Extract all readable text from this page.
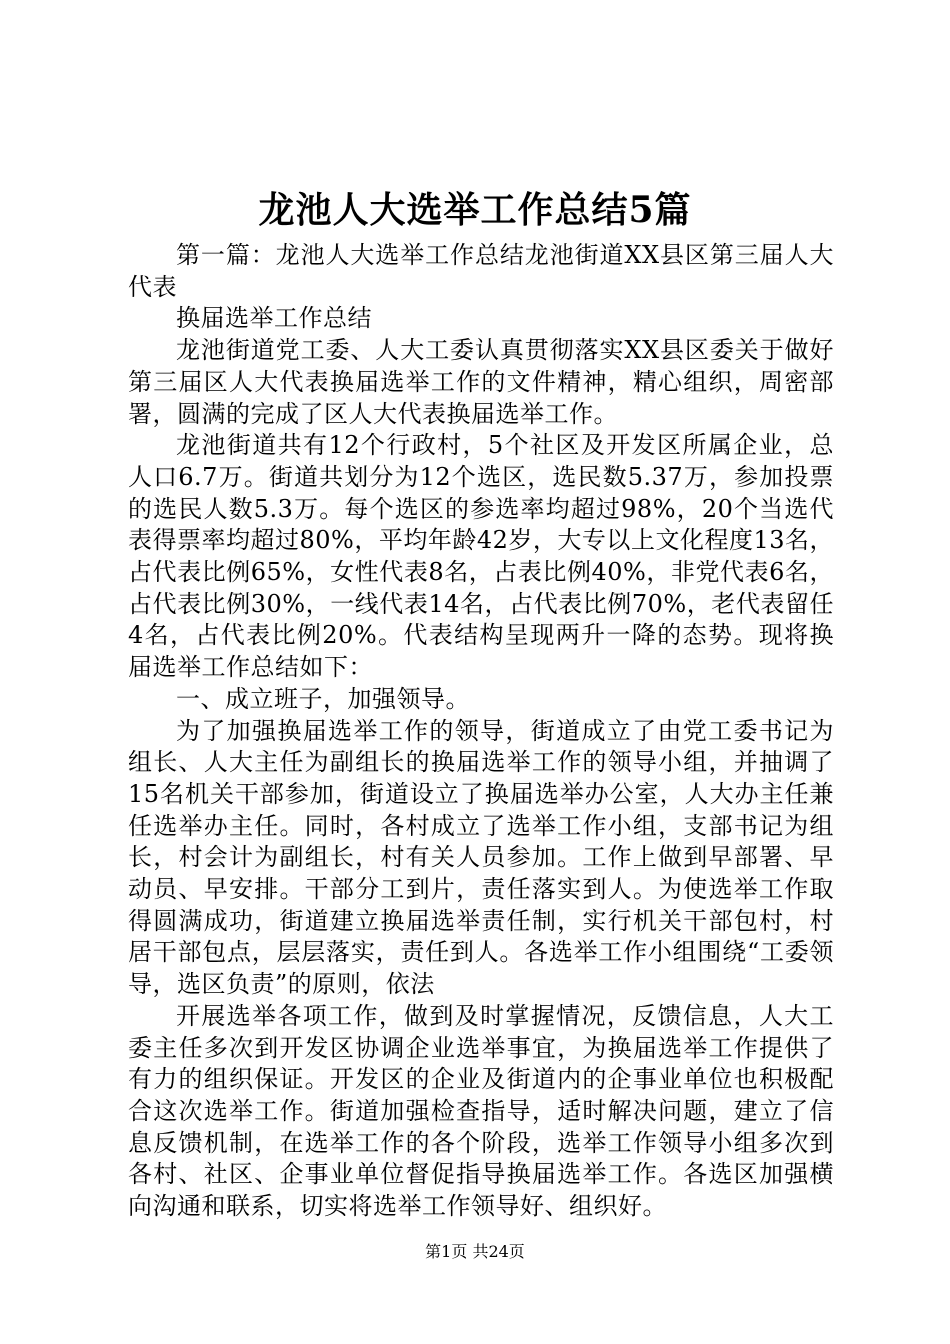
龙池人大选举工作总结5篇

第一篇：龙池人大选举工作总结龙池街道XX县区第三届人大代表

换届选举工作总结

龙池街道党工委、人大工委认真贯彻落实XX县区委关于做好第三届区人大代表换届选举工作的文件精神，精心组织，周密部署，圆满的完成了区人大代表换届选举工作。

龙池街道共有12个行政村，5个社区及开发区所属企业，总人口6.7万。街道共划分为12个选区，选民数5.37万，参加投票的选民人数5.3万。每个选区的参选率均超过98%，20个当选代表得票率均超过80%，平均年龄42岁，大专以上文化程度13名，占代表比例65%，女性代表8名，占表比例40%，非党代表6名，占代表比例30%，一线代表14名，占代表比例70%，老代表留任4名，占代表比例20%。代表结构呈现两升一降的态势。现将换届选举工作总结如下：

一、成立班子，加强领导。

为了加强换届选举工作的领导，街道成立了由党工委书记为组长、人大主任为副组长的换届选举工作的领导小组，并抽调了15名机关干部参加，街道设立了换届选举办公室，人大办主任兼任选举办主任。同时，各村成立了选举工作小组，支部书记为组长，村会计为副组长，村有关人员参加。工作上做到早部署、早动员、早安排。干部分工到片，责任落实到人。为使选举工作取得圆满成功，街道建立换届选举责任制，实行机关干部包村，村居干部包点，层层落实，责任到人。各选举工作小组围绕“工委领导，选区负责”的原则，依法

开展选举各项工作，做到及时掌握情况，反馈信息，人大工委主任多次到开发区协调企业选举事宜，为换届选举工作提供了有力的组织保证。开发区的企业及街道内的企事业单位也积极配合这次选举工作。街道加强检查指导，适时解决问题，建立了信息反馈机制，在选举工作的各个阶段，选举工作领导小组多次到各村、社区、企事业单位督促指导换届选举工作。各选区加强横向沟通和联系，切实将选举工作领导好、组织好。

第1页 共24页
